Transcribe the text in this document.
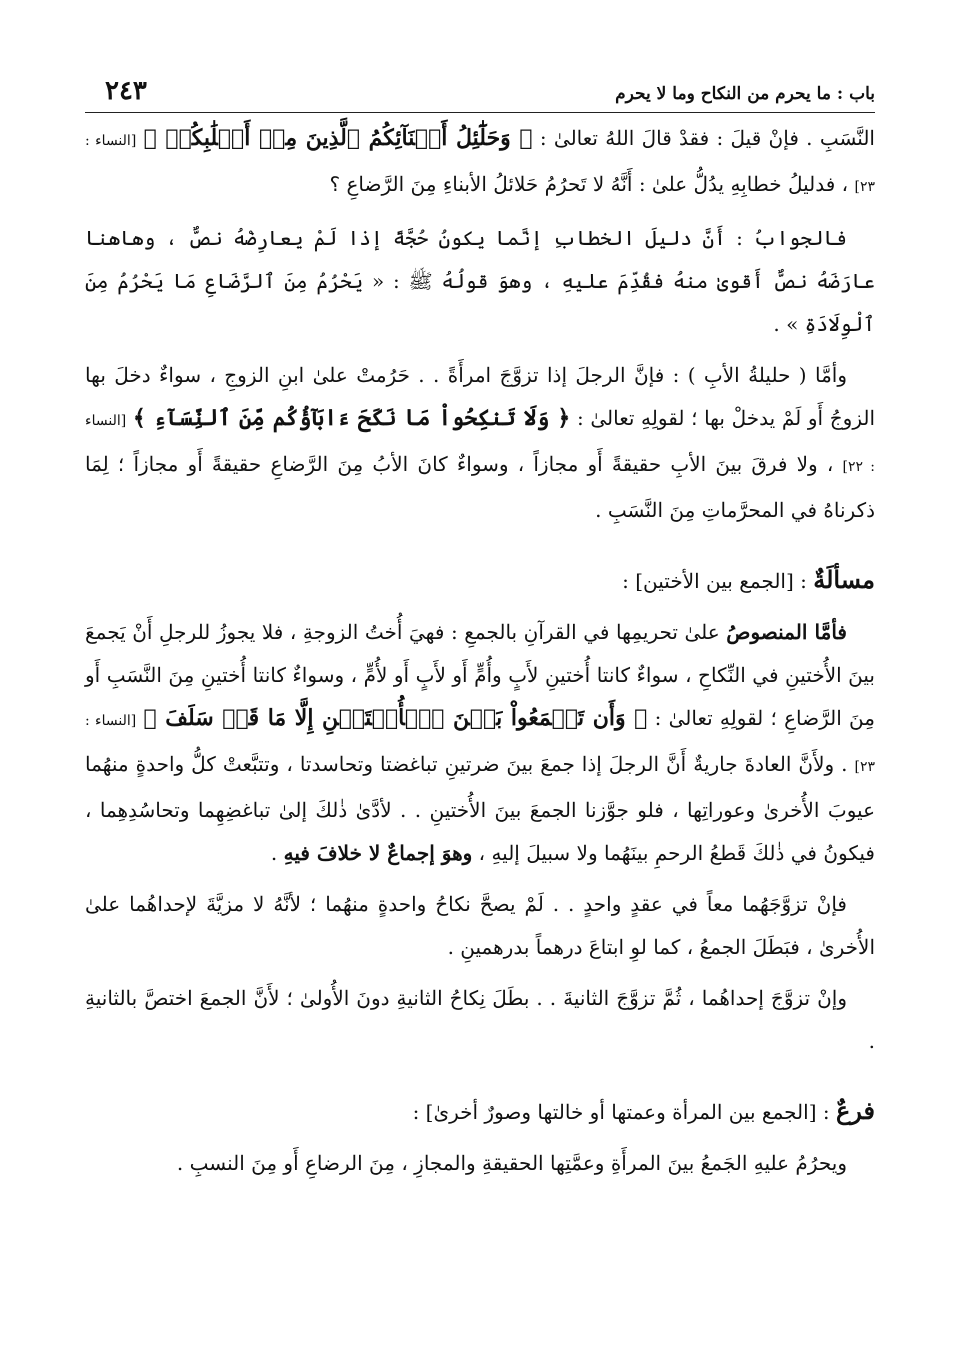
باب : ما يحرم من النكاح وما لا يحرم
٢٤٣

النَّسَبِ . فإنْ قيلَ : فقدْ قالَ اللهُ تعالىٰ : ﴿ وَحَلَٰٓئِلُ أَبۡنَآئِكُمُ ٱلَّذِينَ مِنۡ أَصۡلَٰبِكُمۡ ﴾ [النساء : ٢٣] ، فدليلُ خطابِهِ يدُلُّ علىٰ : أَنَّهُ لا تَحرُمُ حَلائلُ الأبناءِ مِنَ الرَّضاعِ ؟

فالجوابُ : أَنَّ دليلَ الخطابِ إنَّما يكونُ حُجَّةً إذا لَمْ يعارِضْهُ نصٌّ ، وهاهنا عارَضَهُ نصٌّ أَقوىٰ منهُ فقُدِّمَ عليهِ ، وهوَ قولُهُ ﷺ : « يَحْرُمُ مِنَ ٱلرَّضَاعِ مَا يَحْرُمُ مِنَ ٱلْوِلَادَةِ » .

وأمَّا ( حليلةُ الأبِ ) : فإنَّ الرجلَ إذا تزوَّجَ امرأَةً . . حَرُمتْ علىٰ ابنِ الزوجِ ، سواءٌ دخلَ بها الزوجُ أَو لَمْ يدخلْ بها ؛ لقولِهِ تعالىٰ : ﴿ وَلَا تَنكِحُواْ مَا نَكَحَ ءَابَآؤُكُم مِّنَ ٱلنِّسَآءِ ﴾ [النساء : ٢٢] ، ولا فرقَ بينَ الأبِ حقيقةً أَو مجازاً ، وسواءٌ كانَ الأبُ مِنَ الرَّضاعِ حقيقةً أَو مجازاً ؛ لِمَا ذكرناهُ في المحرَّماتِ مِنَ النَّسَبِ .

مسألَةٌ : [الجمع بين الأختين] :

فأمَّا المنصوصُ علىٰ تحريمِها في القرآنِ بالجمعِ : فهيَ أُختُ الزوجةِ ، فلا يجوزُ للرجلِ أَنْ يَجمعَ بينَ الأُختينِ في النِّكاحِ ، سواءٌ كانتا أُختينِ لأَبٍ وأُمٍّ أَو لأَبٍ أَو لأُمٍّ ، وسواءٌ كانتا أُختينِ مِنَ النَّسَبِ أَو مِنَ الرَّضاعِ ؛ لقولِهِ تعالىٰ : ﴿ وَأَن تَجۡمَعُواْ بَيۡنَ ٱلۡأُخۡتَيۡنِ إِلَّا مَا قَدۡ سَلَفَ ﴾ [النساء : ٢٣] . ولأَنَّ العادةَ جاريةٌ أَنَّ الرجلَ إذا جمعَ بينَ ضرتينِ تباغضتا وتحاسدتا ، وتتبَّعتْ كلُّ واحدةٍ منهُما عيوبَ الأُخرىٰ وعوراتِها ، فلو جوَّزنا الجمعَ بينَ الأُختينِ . . لأدَّىٰ ذٰلكَ إلىٰ تباغضِهِما وتحاسُدِهِما ، فيكونُ في ذٰلكَ قَطعُ الرحمِ بينَهُما ولا سبيلَ إليهِ ، وهوَ إجماعٌ لا خلافَ فيهِ .

فإنْ تزوَّجَهُما معاً في عقدٍ واحدٍ . . لَمْ يصحَّ نكاحُ واحدةٍ منهُما ؛ لأنَّهُ لا مزيَّةَ لإحداهُما علىٰ الأُخرىٰ ، فبَطَلَ الجمعُ ، كما لوِ ابتاعَ درهماً بدرهمينِ .

وإنْ تزوَّجَ إحداهُما ، ثُمَّ تزوَّجَ الثانيةَ . . بطَلَ نِكاحُ الثانيةِ دونَ الأُولىٰ ؛ لأَنَّ الجمعَ اختصَّ بالثانيةِ .

فرعٌ : [الجمع بين المرأة وعمتها أو خالتها وصورٌ أخرىٰ] :

ويحرُمُ عليهِ الجَمعُ بينَ المرأَةِ وعمَّتِها الحقيقةِ والمجازِ ، مِنَ الرضاعِ أَو مِنَ النسبِ .
